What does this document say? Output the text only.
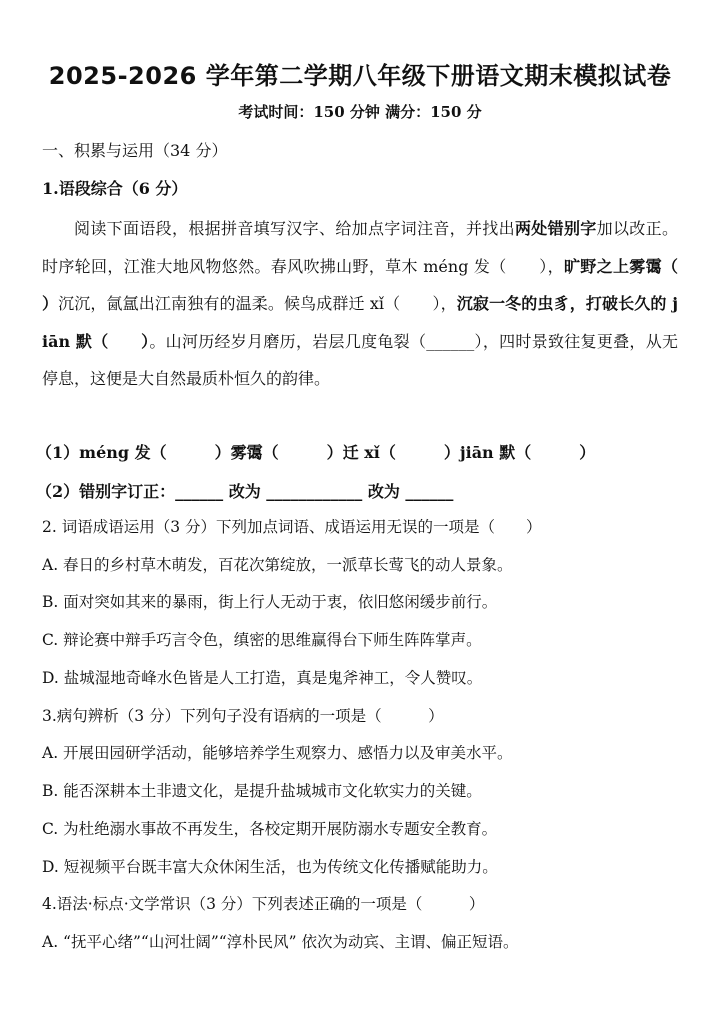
2025-2026 学年第二学期八年级下册语文期末模拟试卷
考试时间：150 分钟 满分：150 分
一、积累与运用（34 分）
1.语段综合（6 分）
阅读下面语段，根据拼音填写汉字、给加点字词注音，并找出两处错别字加以改正。时序轮回，江淮大地风物悠然。春风吹拂山野，草木 méng 发（　　），旷野之上雾霭（　　）沉沉，氤氲出江南独有的温柔。候鸟成群迁 xǐ（　　），沉寂一冬的虫豸，打破长久的 jiān 默（　　）。山河历经岁月磨历，岩层几度龟裂（______），四时景致往复更叠，从无停息，这便是大自然最质朴恒久的韵律。
（1）méng 发（　　　）雾霭（　　　）迁 xǐ（　　　）jiān 默（　　　）
（2）错别字订正：______ 改为 ____________ 改为 ______
2. 词语成语运用（3 分）下列加点词语、成语运用无误的一项是（　　）
A. 春日的乡村草木萌发，百花次第绽放，一派草长莺飞的动人景象。
B. 面对突如其来的暴雨，街上行人无动于衷，依旧悠闲缓步前行。
C. 辩论赛中辩手巧言令色，缜密的思维赢得台下师生阵阵掌声。
D. 盐城湿地奇峰水色皆是人工打造，真是鬼斧神工，令人赞叹。
3.病句辨析（3 分）下列句子没有语病的一项是（　　　）
A. 开展田园研学活动，能够培养学生观察力、感悟力以及审美水平。
B. 能否深耕本土非遗文化，是提升盐城城市文化软实力的关键。
C. 为杜绝溺水事故不再发生，各校定期开展防溺水专题安全教育。
D. 短视频平台既丰富大众休闲生活，也为传统文化传播赋能助力。
4.语法·标点·文学常识（3 分）下列表述正确的一项是（　　　）
A. “抚平心绪”“山河壮阔”“淳朴民风” 依次为动宾、主谓、偏正短语。
